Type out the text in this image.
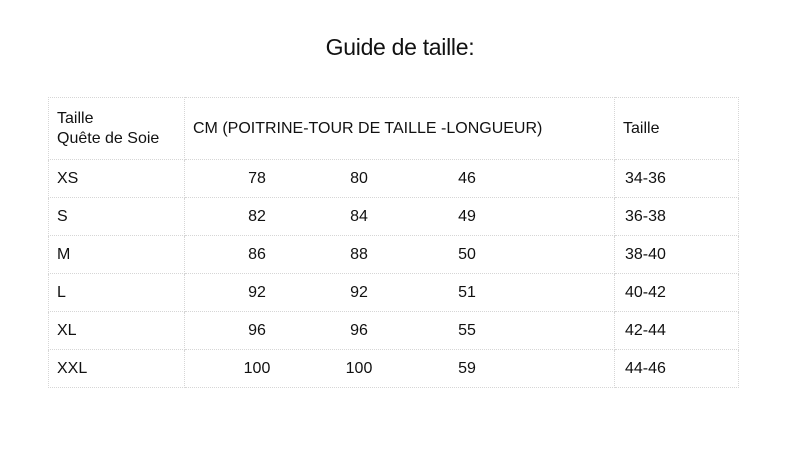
Guide de taille:
Taille
Quête de Soie	CM (POITRINE-TOUR DE TAILLE -LONGUEUR)	Taille
XS	78 80 46	34-36
S	82 84 49	36-38
M	86 88 50	38-40
L	92 92 51	40-42
XL	96 96 55	42-44
XXL	100 100 59	44-46
